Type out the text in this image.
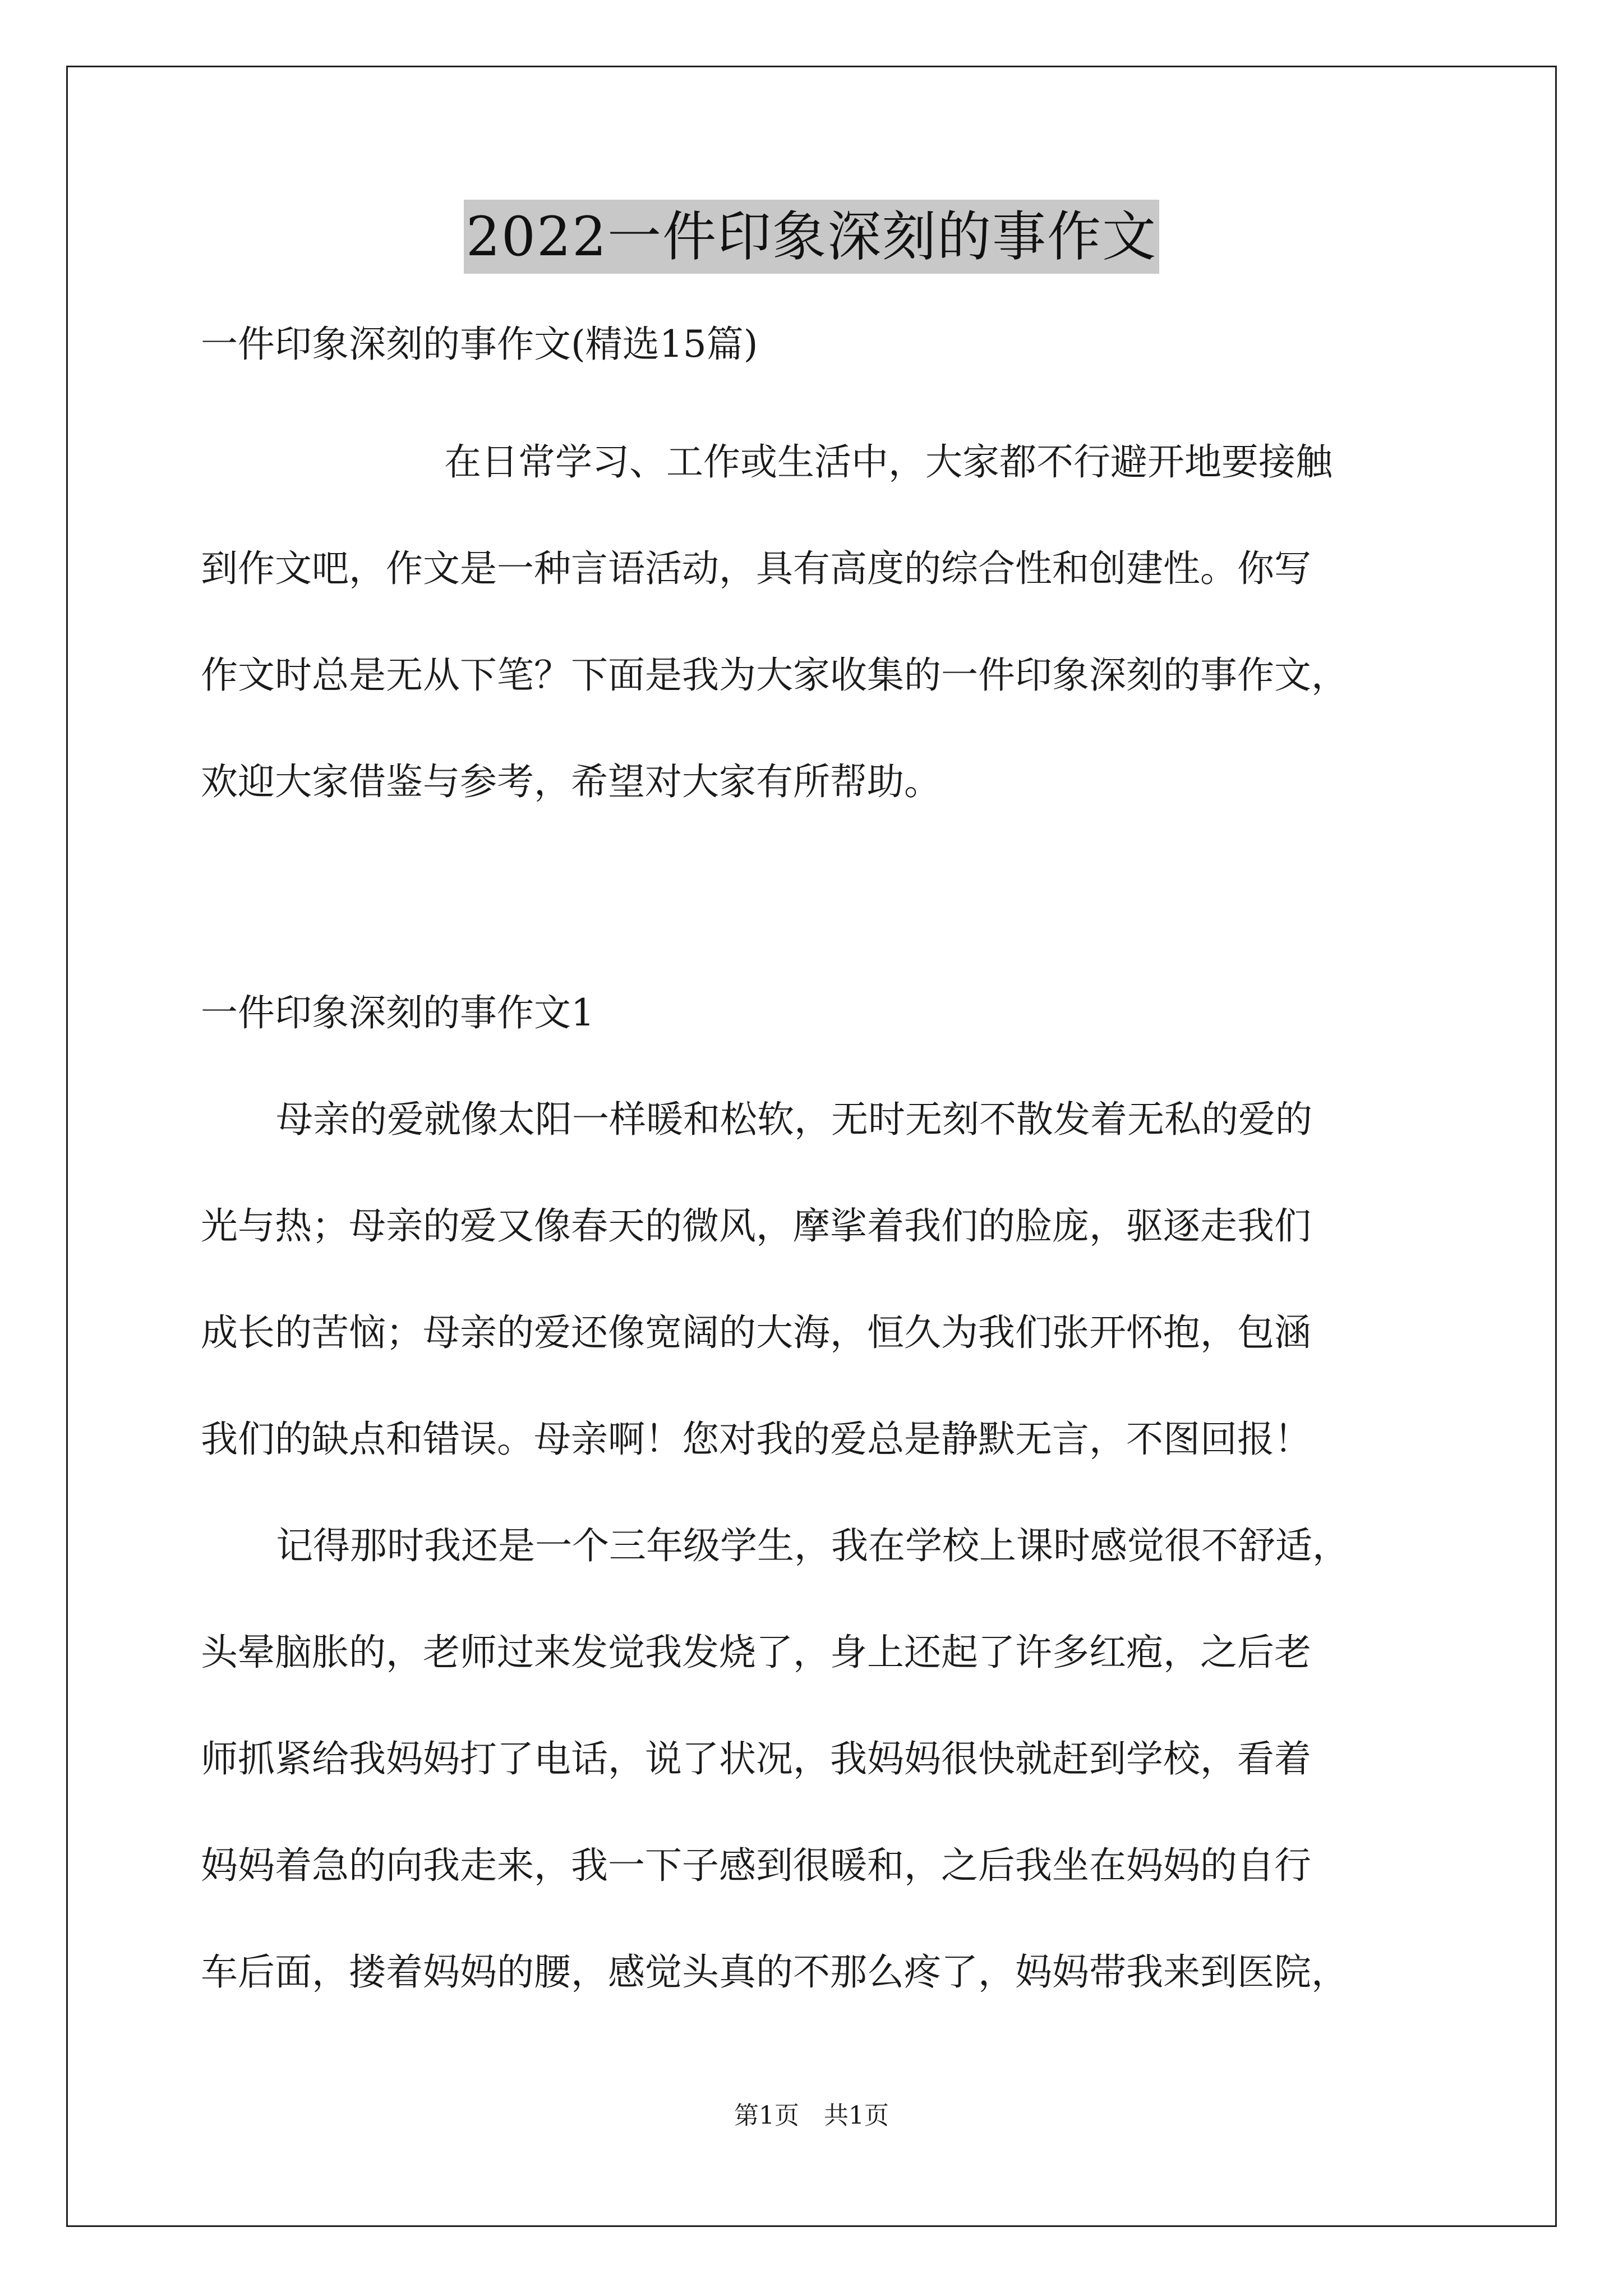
2022一件印象深刻的事作文
一件印象深刻的事作文(精选15篇)
在日常学习、工作或生活中，大家都不行避开地要接触
到作文吧，作文是一种言语活动，具有高度的综合性和创建性。你写
作文时总是无从下笔？下面是我为大家收集的一件印象深刻的事作文，
欢迎大家借鉴与参考，希望对大家有所帮助。
一件印象深刻的事作文1
母亲的爱就像太阳一样暖和松软，无时无刻不散发着无私的爱的
光与热；母亲的爱又像春天的微风，摩挲着我们的脸庞，驱逐走我们
成长的苦恼；母亲的爱还像宽阔的大海，恒久为我们张开怀抱，包涵
我们的缺点和错误。母亲啊！您对我的爱总是静默无言，不图回报！
记得那时我还是一个三年级学生，我在学校上课时感觉很不舒适，
头晕脑胀的，老师过来发觉我发烧了，身上还起了许多红疱，之后老
师抓紧给我妈妈打了电话，说了状况，我妈妈很快就赶到学校，看着
妈妈着急的向我走来，我一下子感到很暖和，之后我坐在妈妈的自行
车后面，搂着妈妈的腰，感觉头真的不那么疼了，妈妈带我来到医院，
第1页　共1页
